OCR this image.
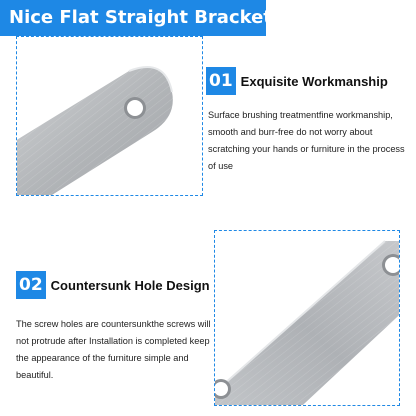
Nice Flat Straight Bracket
01 Exquisite Workmanship
Surface brushing treatmentfine workmanship, smooth and burr-free do not worry about scratching your hands or furniture in the process of use
02 Countersunk Hole Design
The screw holes are countersunkthe screws will not protrude after Installation is completed keep the appearance of the furniture simple and beautiful.
